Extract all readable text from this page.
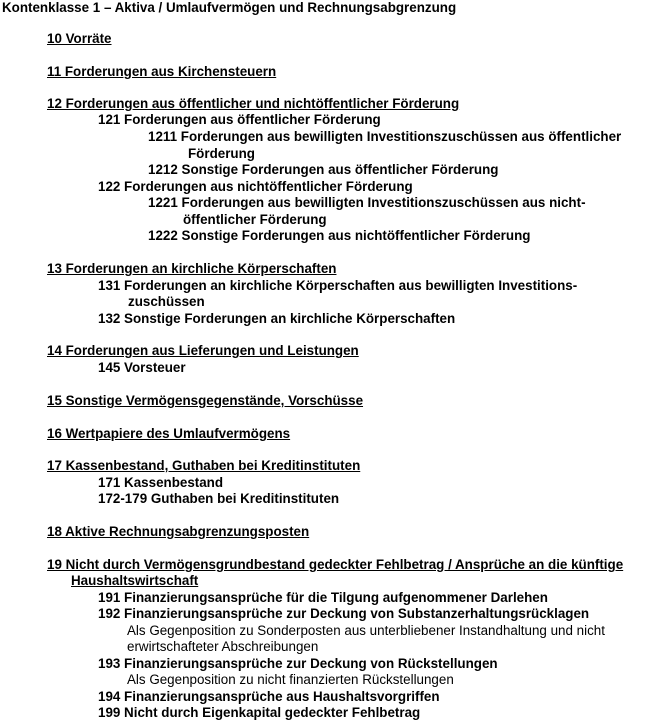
Kontenklasse 1 – Aktiva / Umlaufvermögen und Rechnungsabgrenzung
10 Vorräte
11 Forderungen aus Kirchensteuern
12 Forderungen aus öffentlicher und nichtöffentlicher Förderung
121 Forderungen aus öffentlicher Förderung
1211 Forderungen aus bewilligten Investitionszuschüssen aus öffentlicher
Förderung
1212 Sonstige Forderungen aus öffentlicher Förderung
122 Forderungen aus nichtöffentlicher Förderung
1221 Forderungen aus bewilligten Investitionszuschüssen aus nicht-
öffentlicher Förderung
1222 Sonstige Forderungen aus nichtöffentlicher Förderung
13 Forderungen an kirchliche Körperschaften
131 Forderungen an kirchliche Körperschaften aus bewilligten Investitions-
zuschüssen
132 Sonstige Forderungen an kirchliche Körperschaften
14 Forderungen aus Lieferungen und Leistungen
145 Vorsteuer
15 Sonstige Vermögensgegenstände, Vorschüsse
16 Wertpapiere des Umlaufvermögens
17 Kassenbestand, Guthaben bei Kreditinstituten
171 Kassenbestand
172-179 Guthaben bei Kreditinstituten
18 Aktive Rechnungsabgrenzungsposten
19 Nicht durch Vermögensgrundbestand gedeckter Fehlbetrag / Ansprüche an die künftige
Haushaltswirtschaft
191 Finanzierungsansprüche für die Tilgung aufgenommener Darlehen
192 Finanzierungsansprüche zur Deckung von Substanzerhaltungsrücklagen
Als Gegenposition zu Sonderposten aus unterbliebener Instandhaltung und nicht
erwirtschafteter Abschreibungen
193 Finanzierungsansprüche zur Deckung von Rückstellungen
Als Gegenposition zu nicht finanzierten Rückstellungen
194 Finanzierungsansprüche aus Haushaltsvorgriffen
199 Nicht durch Eigenkapital gedeckter Fehlbetrag
